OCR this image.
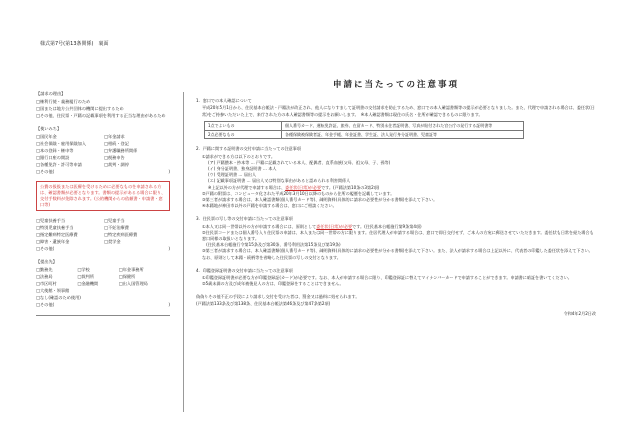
様式第7号(第13条関係)　裏面
【請求の理由】
□権利行使・義務履行のため
□国または地方公共団体の機関に提出するため
□その他、住民票・戸籍の記載事項を利用する正当な理由があるため
【使いみち】
□国民年金	□年金請求
□社会保険・雇用保険加入	□相続・登記
□本の登録・権申等	□弁護職務所関係
□銀行口座の開設	□税務申告
□各種免許・許可等申請	□裁判・調停
□その他(	)
公費の扱扱または医療を受けるために必要なものを申請される方は、確認書類が必要となります。書類の提示があるる場合に限り、交付手数料が免除されます。(公的機関からの依頼書・申請書・窓口等)
□児童扶養手当	□児童手当
□特別児童扶養手当	□不妊治療費
□指定難病特定医療費	□特定疾病医療費
□障害・遺族年金	□奨学金
□その他(	)
【提出先】
□勤務先	□学校	□年金事務所
□法務局	□裁判所	□保健所
□市区町村	□金融機関	□出入国管理局
□大使館・領事館
□なし(確認のため使用)
□その他(	)
申請に当たっての注意事項
1．窓口での本人確認について
平成20年5月1日から、住民基本台帳法・戸籍法が改正され、他人になりすまして証明書の交付請求を防止するため、窓口での本人確認書類等の提示が必要となりました。また、代理で申請される場合は、委任状(日常)をご持参いただいた上で、来庁された方の本人確認書類等の提示をお願いします。　※本人確認書類は現住の氏名・住所が確認できるものに限ります。
1点でよいもの	個人番号カード、運転免許証、旅券、在留カード、特別永住者証明書、写真が貼付された官公庁の発行する証明書等
2点必要なもの	各種保険被保険者証、年金手帳、年金証書、学生証、法人発行身分証明書、児童証等
2．戸籍に関する証明書の交付申請に当たっての注意事項
①請求ができる方は以下のとおりです。
(ア) 戸籍謄本・抄本等 … 戸籍に記載されている本人、配偶者、直系血族(父母、祖父母、子、孫等)
(イ) 身分証明書、独身証明書 … 本人
(ウ) 受理証明書 … 届出人
(エ) 記載事項証明書 … 届出人又は特別な事由があると認められる利害関係人
※上記以外の方が代理で申請する場合は、委任状(日常)が必要です。(戸籍法第10条の3第2項)
②戸籍の附票は、コンピュータ化された平成20年3月10日以降のものから住所の履歴を記載しています。
③第三者が請求する場合は、本人確認書類(個人番号カード等)、疎明資料(具体的に請求の必要性が分かる書類)を添えて下さい。
④本籍地が神田市以外の戸籍を申請する場合は、窓口にご相談ください。
3．住民票の写し等の交付申請に当たっての注意事項
①本人又は同一世帯以外の方が申請する場合には、原則として委任状(日常)が必要です。(住民基本台帳施行第9条第4項)
②住民票コードまたは個人番号入り住民票の申請は、本人または同一世帯の方に限ります。住居代理人が申請する場合は、窓口で即日交付せず、ご本人の方宛に郵送させていただきます。委任状も日常を経た場合も窓口同様の取扱いとなります。
　(住民基本台帳施行令第15条及び第30条、番号利用法第15条及び第19条)
③第三者が請求する場合は、本人確認書類(個人番号カード等)、疎明資料(具体的に請求の必要性が分かる書類)を添えて下さい。また、法人が請求する場合は上記以外に、代表者の印鑑した委任状を添えて下さい。なお、原則として本籍・続柄等を省略した住民票の写しの交付となります。
4．印鑑登録証明書の交付申請に当たっての注意事項
①印鑑登録証明書が必要な方が印鑑登録証(カード)が必要です。なお、本人が申請する場合に限り、印鑑登録証に替えてマイナンバーカードで申請することができます。申請書に暗証を書いてください。
②5歳未満の方及び成年被後見人の方は、印鑑登録をすることはできません。
偽偽りその他不正の手段により請求し交付を受けた者は、罰金又は過料に処せられます。
(戸籍法第133条及び第138条、住民基本台帳法第46条及び第47条第2項)
令和4年2月2日改
